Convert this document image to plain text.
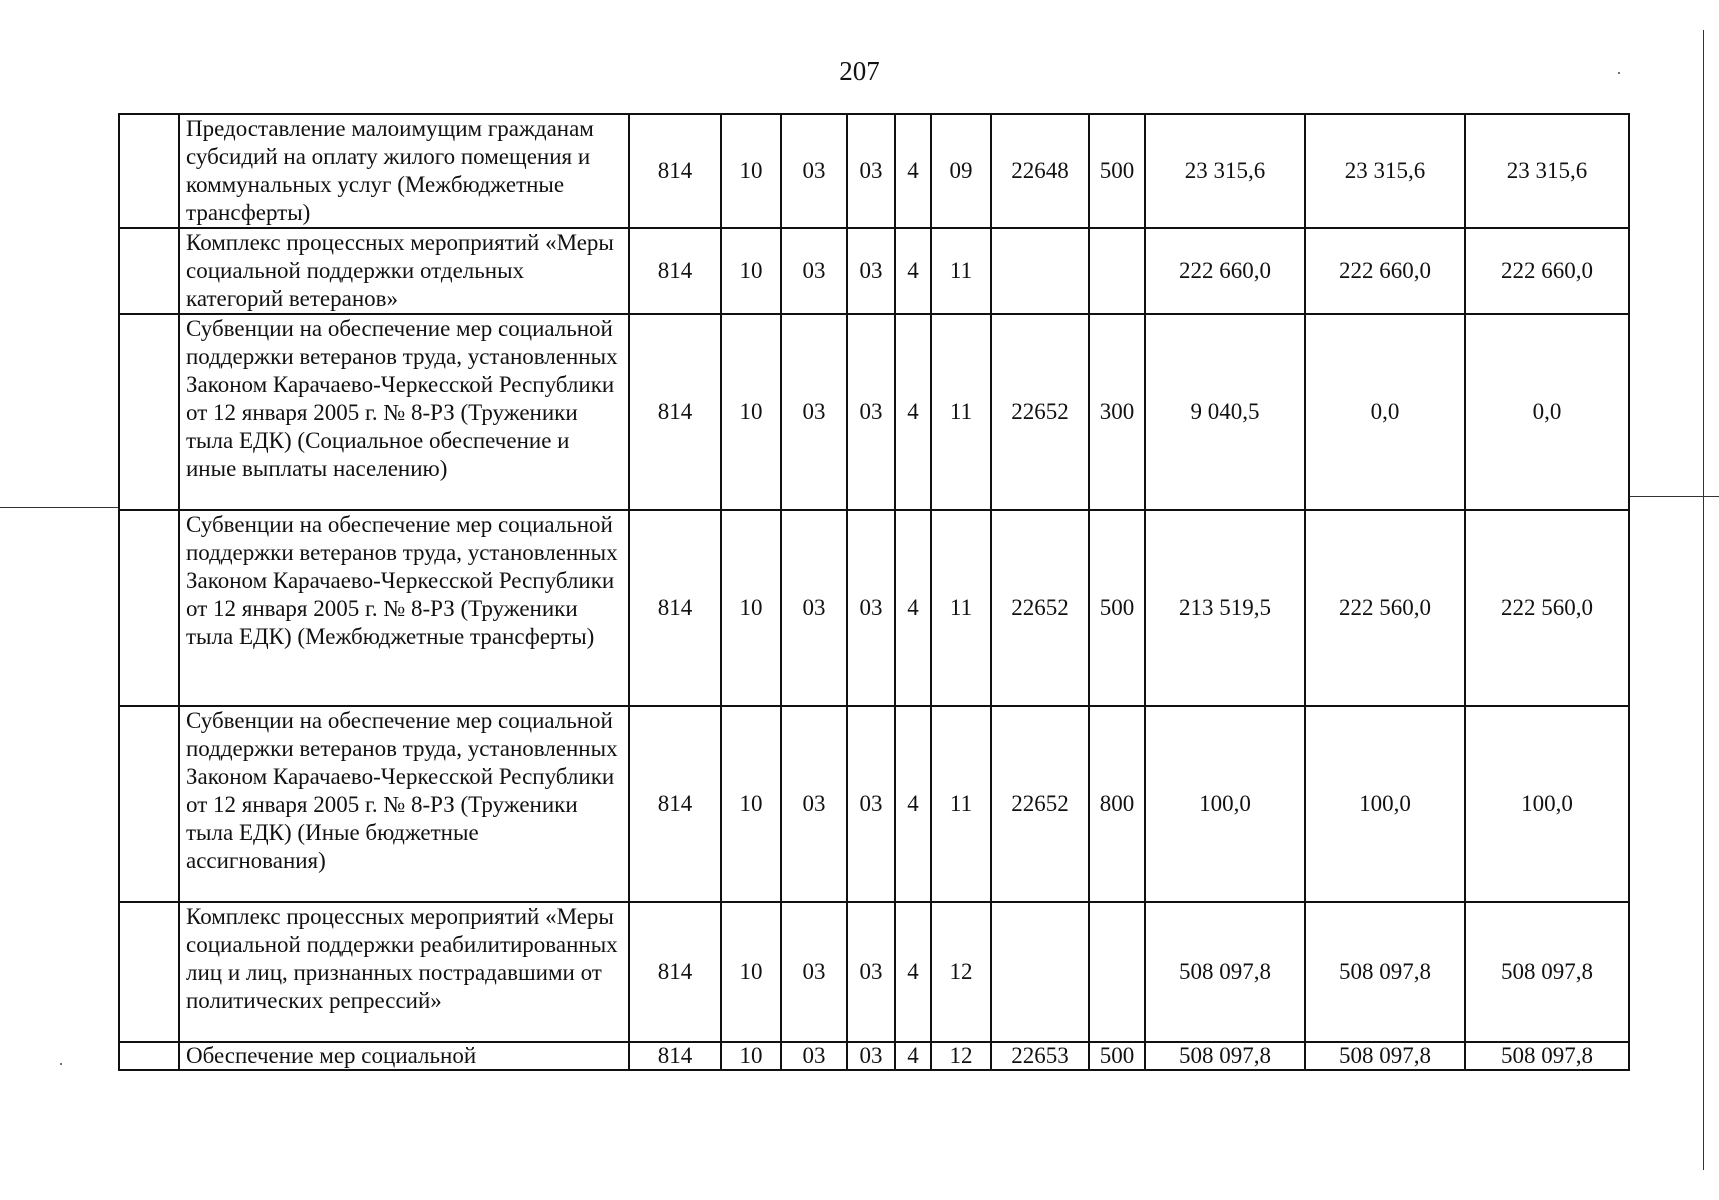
207
	Предоставление малоимущим гражданам субсидий на оплату жилого помещения и коммунальных услуг (Межбюджетные трансферты)	814	10	03	03	4	09	22648	500	23 315,6	23 315,6	23 315,6
	Комплекс процессных мероприятий «Меры социальной поддержки отдельных категорий ветеранов»	814	10	03	03	4	11			222 660,0	222 660,0	222 660,0
	Субвенции на обеспечение мер социальной поддержки ветеранов труда, установленных Законом Карачаево-Черкесской Республики от 12 января 2005 г. № 8-РЗ (Труженики тыла ЕДК) (Социальное обеспечение и иные выплаты населению)	814	10	03	03	4	11	22652	300	9 040,5	0,0	0,0
	Субвенции на обеспечение мер социальной поддержки ветеранов труда, установленных Законом Карачаево-Черкесской Республики от 12 января 2005 г. № 8-РЗ (Труженики тыла ЕДК) (Межбюджетные трансферты)	814	10	03	03	4	11	22652	500	213 519,5	222 560,0	222 560,0
	Субвенции на обеспечение мер социальной поддержки ветеранов труда, установленных Законом Карачаево-Черкесской Республики от 12 января 2005 г. № 8-РЗ (Труженики тыла ЕДК) (Иные бюджетные ассигнования)	814	10	03	03	4	11	22652	800	100,0	100,0	100,0
	Комплекс процессных мероприятий «Меры социальной поддержки реабилитированных лиц и лиц, признанных пострадавшими от политических репрессий»	814	10	03	03	4	12			508 097,8	508 097,8	508 097,8
	Обеспечение мер социальной	814	10	03	03	4	12	22653	500	508 097,8	508 097,8	508 097,8
